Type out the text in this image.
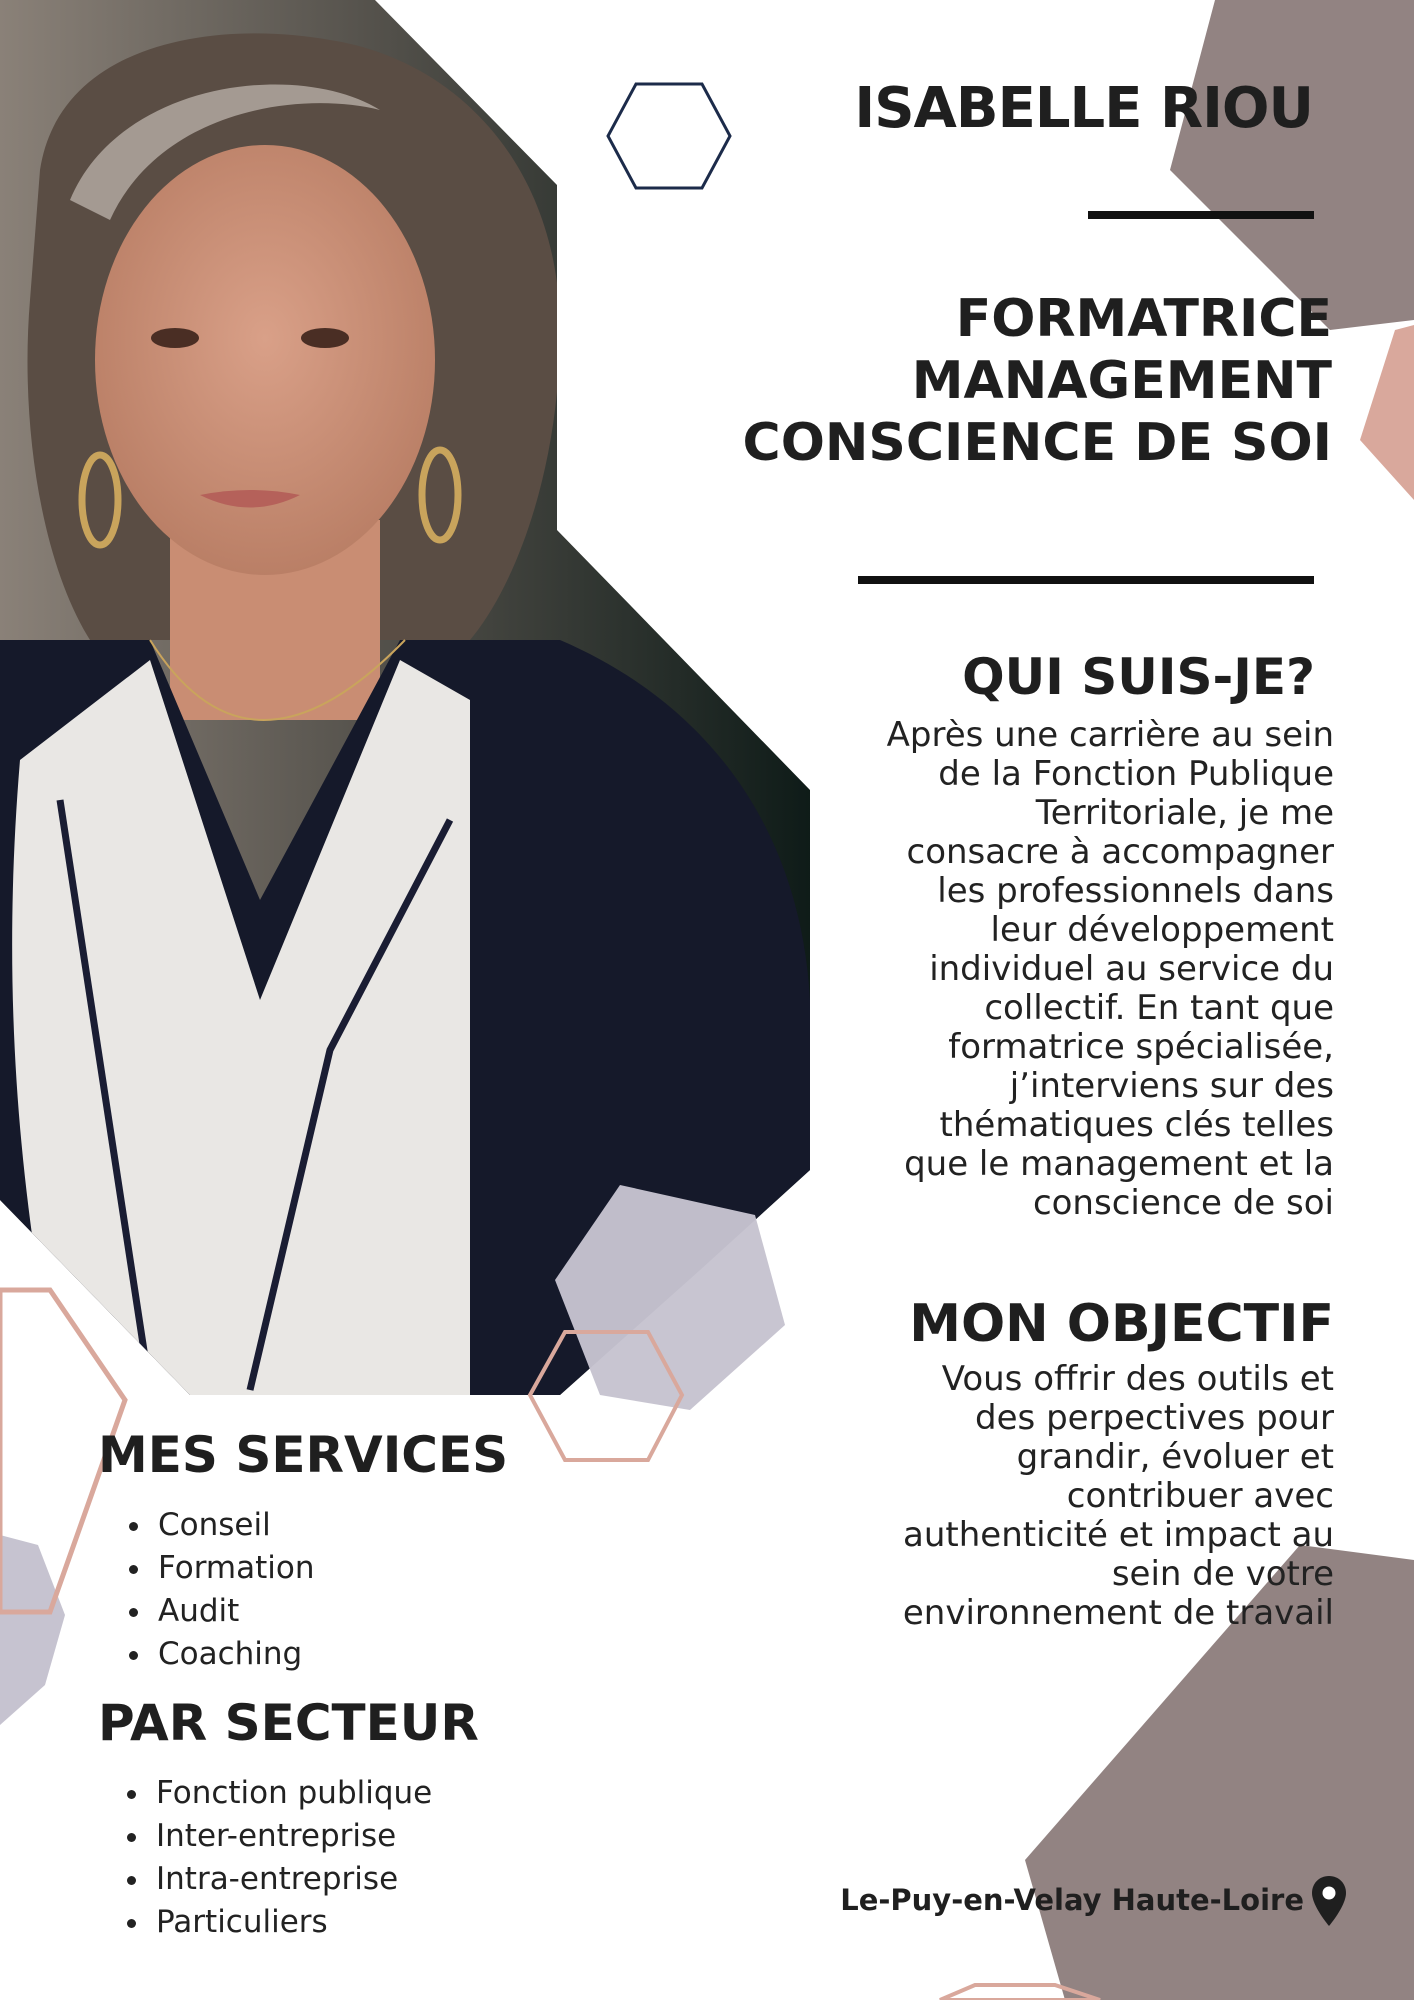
ISABELLE RIOU
FORMATRICE
MANAGEMENT
CONSCIENCE DE SOI
QUI SUIS-JE?
Après une carrière au sein
de la Fonction Publique
Territoriale, je me
consacre à accompagner
les professionnels dans
leur développement
individuel au service du
collectif. En tant que
formatrice spécialisée,
j’interviens sur des
thématiques clés telles
que le management et la
conscience de soi
MON OBJECTIF
Vous offrir des outils et
des perpectives pour
grandir, évoluer et
contribuer avec
authenticité et impact au
sein de votre
environnement de travail
MES SERVICES
• Conseil
• Formation
• Audit
• Coaching
PAR SECTEUR
• Fonction publique
• Inter-entreprise
• Intra-entreprise
• Particuliers
Le-Puy-en-Velay Haute-Loire
